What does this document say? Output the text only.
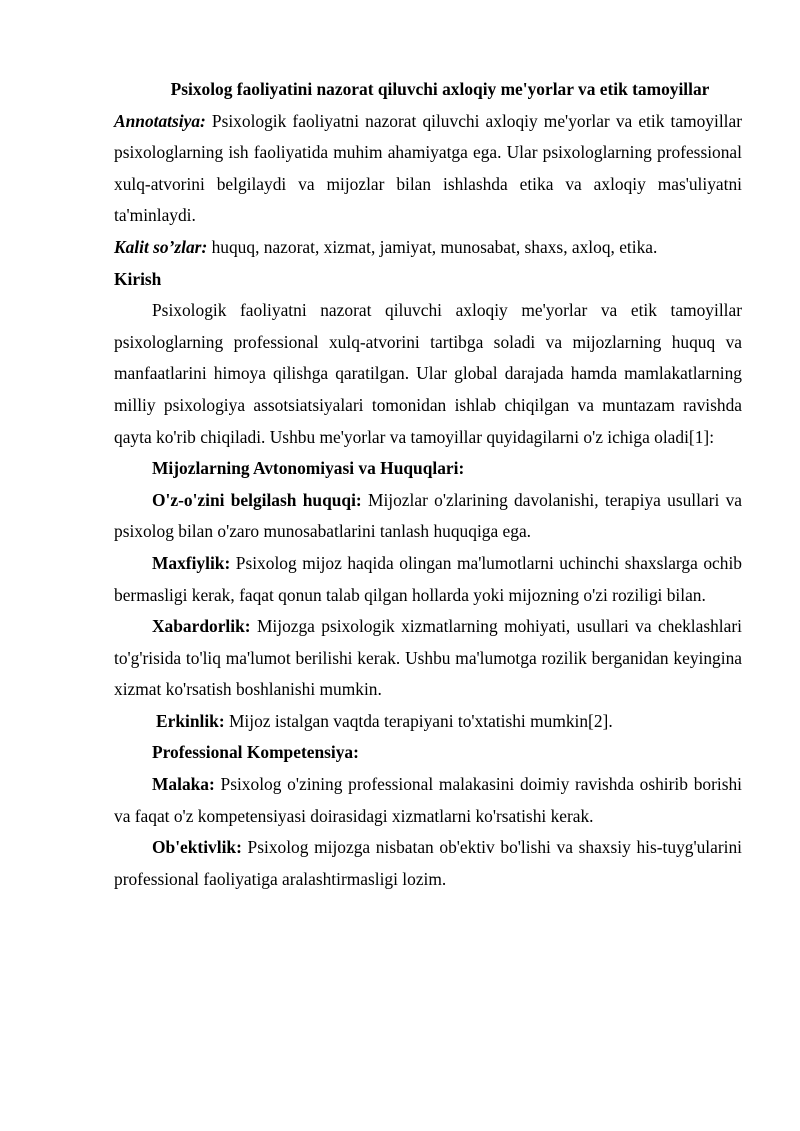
Psixolog faoliyatini nazorat qiluvchi axloqiy me'yorlar va etik tamoyillar

Annotatsiya: Psixologik faoliyatni nazorat qiluvchi axloqiy me'yorlar va etik tamoyillar psixologlarning ish faoliyatida muhim ahamiyatga ega. Ular psixologlarning professional xulq-atvorini belgilaydi va mijozlar bilan ishlashda etika va axloqiy mas'uliyatni ta'minlaydi.

Kalit so’zlar: huquq, nazorat, xizmat, jamiyat, munosabat, shaxs, axloq, etika.

Kirish

Psixologik faoliyatni nazorat qiluvchi axloqiy me'yorlar va etik tamoyillar psixologlarning professional xulq-atvorini tartibga soladi va mijozlarning huquq va manfaatlarini himoya qilishga qaratilgan. Ular global darajada hamda mamlakatlarning milliy psixologiya assotsiatsiyalari tomonidan ishlab chiqilgan va muntazam ravishda qayta ko'rib chiqiladi. Ushbu me'yorlar va tamoyillar quyidagilarni o'z ichiga oladi[1]:

Mijozlarning Avtonomiyasi va Huquqlari:

O'z-o'zini belgilash huquqi: Mijozlar o'zlarining davolanishi, terapiya usullari va psixolog bilan o'zaro munosabatlarini tanlash huquqiga ega.

Maxfiylik: Psixolog mijoz haqida olingan ma'lumotlarni uchinchi shaxslarga ochib bermasligi kerak, faqat qonun talab qilgan hollarda yoki mijozning o'zi roziligi bilan.

Xabardorlik: Mijozga psixologik xizmatlarning mohiyati, usullari va cheklashlari to'g'risida to'liq ma'lumot berilishi kerak. Ushbu ma'lumotga rozilik berganidan keyingina xizmat ko'rsatish boshlanishi mumkin.

Erkinlik: Mijoz istalgan vaqtda terapiyani to'xtatishi mumkin[2].

Professional Kompetensiya:

Malaka: Psixolog o'zining professional malakasini doimiy ravishda oshirib borishi va faqat o'z kompetensiyasi doirasidagi xizmatlarni ko'rsatishi kerak.

Ob'ektivlik: Psixolog mijozga nisbatan ob'ektiv bo'lishi va shaxsiy his-tuyg'ularini professional faoliyatiga aralashtirmasligi lozim.
